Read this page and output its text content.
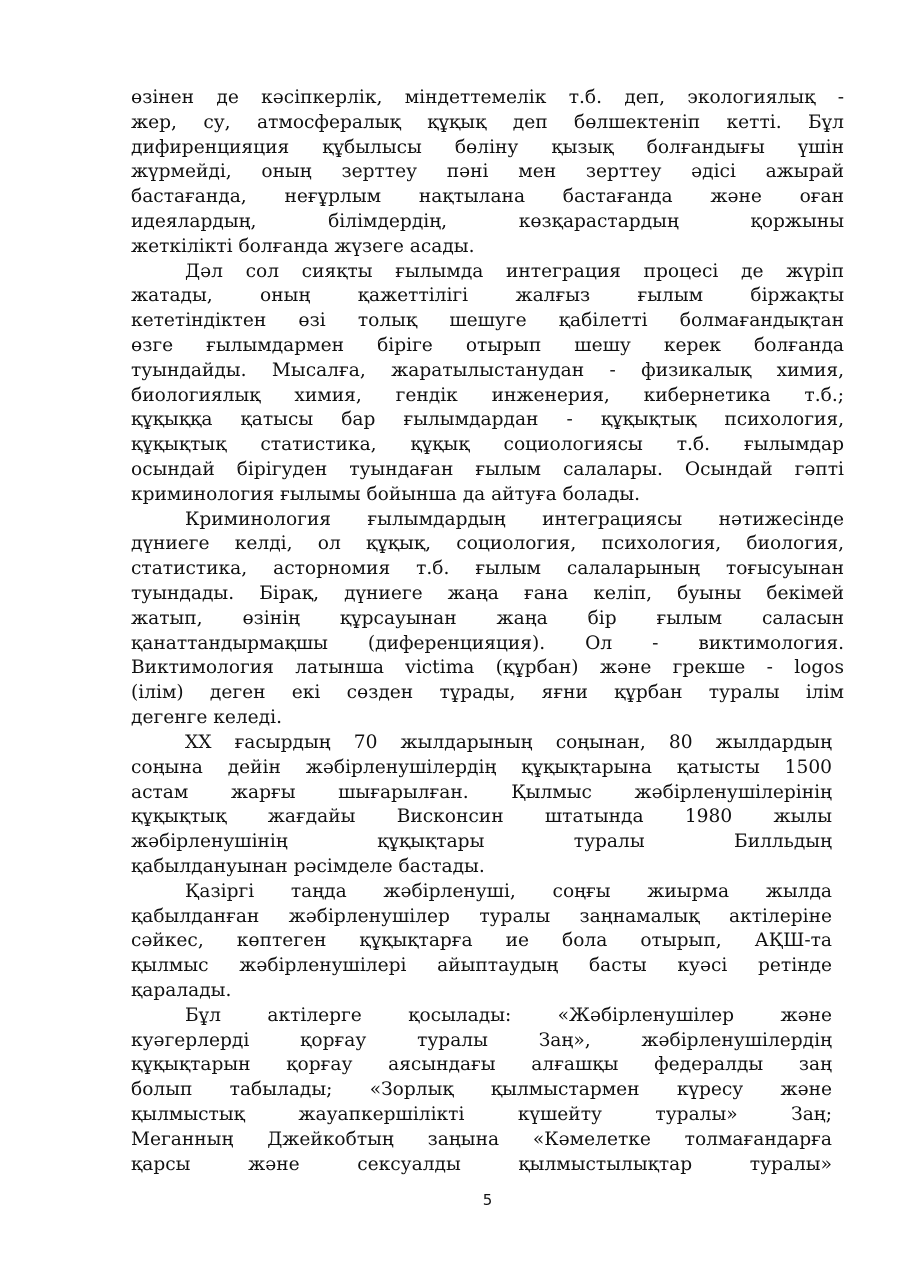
өзінен де кәсіпкерлік, міндеттемелік т.б. деп, экологиялық -
жер, су, атмосфералық құқық деп бөлшектеніп кетті. Бұл
дифиренцияция құбылысы бөліну қызық болғандығы үшін
жүрмейді, оның зерттеу пәні мен зерттеу әдісі ажырай
бастағанда, неғұрлым нақтылана бастағанда және оған
идеялардың, білімдердің, көзқарастардың қоржыны
жеткілікті болғанда жүзеге асады.
Дәл сол сияқты ғылымда интеграция процесі де жүріп
жатады, оның қажеттілігі жалғыз ғылым біржақты
кететіндіктен өзі толық шешуге қабілетті болмағандықтан
өзге ғылымдармен біріге отырып шешу керек болғанда
туындайды. Мысалға, жаратылыстанудан - физикалық химия,
биологиялық химия, гендік инженерия, кибернетика т.б.;
құқыққа қатысы бар ғылымдардан - құқықтық психология,
құқықтық статистика, құқық социологиясы т.б. ғылымдар
осындай бірігуден туындаған ғылым салалары. Осындай гәпті
криминология ғылымы бойынша да айтуға болады.
Криминология ғылымдардың интеграциясы нәтижесінде
дүниеге келді, ол құқық, социология, психология, биология,
статистика, асторномия т.б. ғылым салаларының тоғысуынан
туындады. Бірақ, дүниеге жаңа ғана келіп, буыны бекімей
жатып, өзінің құрсауынан жаңа бір ғылым саласын
қанаттандырмақшы (диференцияция). Ол - виктимология.
Виктимология латынша victima (құрбан) және грекше - logos
(ілім) деген екі сөзден тұрады, яғни құрбан туралы ілім
дегенге келеді.
ХХ ғасырдың 70 жылдарының соңынан, 80 жылдардың
соңына дейін жәбірленушілердің құқықтарына қатысты 1500
астам жарғы шығарылған. Қылмыс жәбірленушілерінің
құқықтық жағдайы Висконсин штатында 1980 жылы
жәбірленушінің құқықтары туралы Билльдың
қабылдануынан рәсімделе бастады.
Қазіргі таңда жәбірленуші, соңғы жиырма жылда
қабылданған жәбірленушілер туралы заңнамалық актілеріне
сәйкес, көптеген құқықтарға ие бола отырып, АҚШ-та
қылмыс жәбірленушілері айыптаудың басты куәсі ретінде
қаралады.
Бұл актілерге қосылады: «Жәбірленушілер және
куәгерлерді қорғау туралы Заң», жәбірленушілердің
құқықтарын қорғау аясындағы алғашқы федералды заң
болып табылады; «Зорлық қылмыстармен күресу және
қылмыстық жауапкершілікті күшейту туралы» Заң;
Меганның Джейкобтың заңына «Кәмелетке толмағандарға
қарсы және сексуалды қылмыстылықтар туралы»
5
